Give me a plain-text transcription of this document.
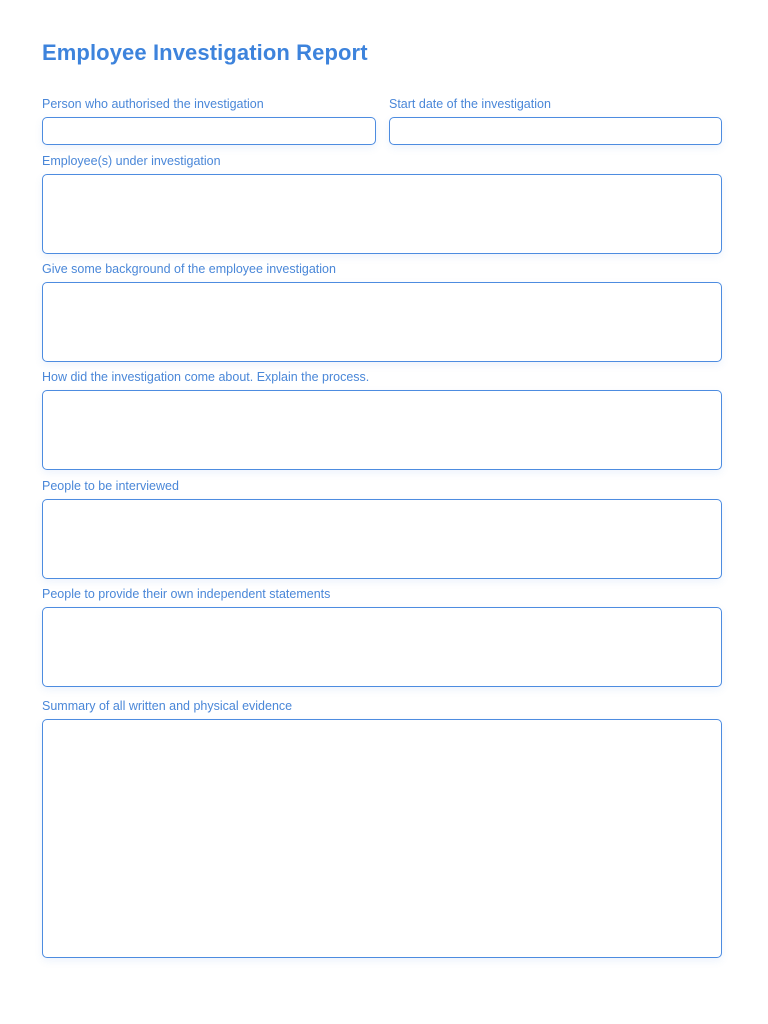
Employee Investigation Report
Person who authorised the investigation	Start date of the investigation
Employee(s) under investigation
Give some background of the employee investigation
How did the investigation come about. Explain the process.
People to be interviewed
People to provide their own independent statements
Summary of all written and physical evidence
